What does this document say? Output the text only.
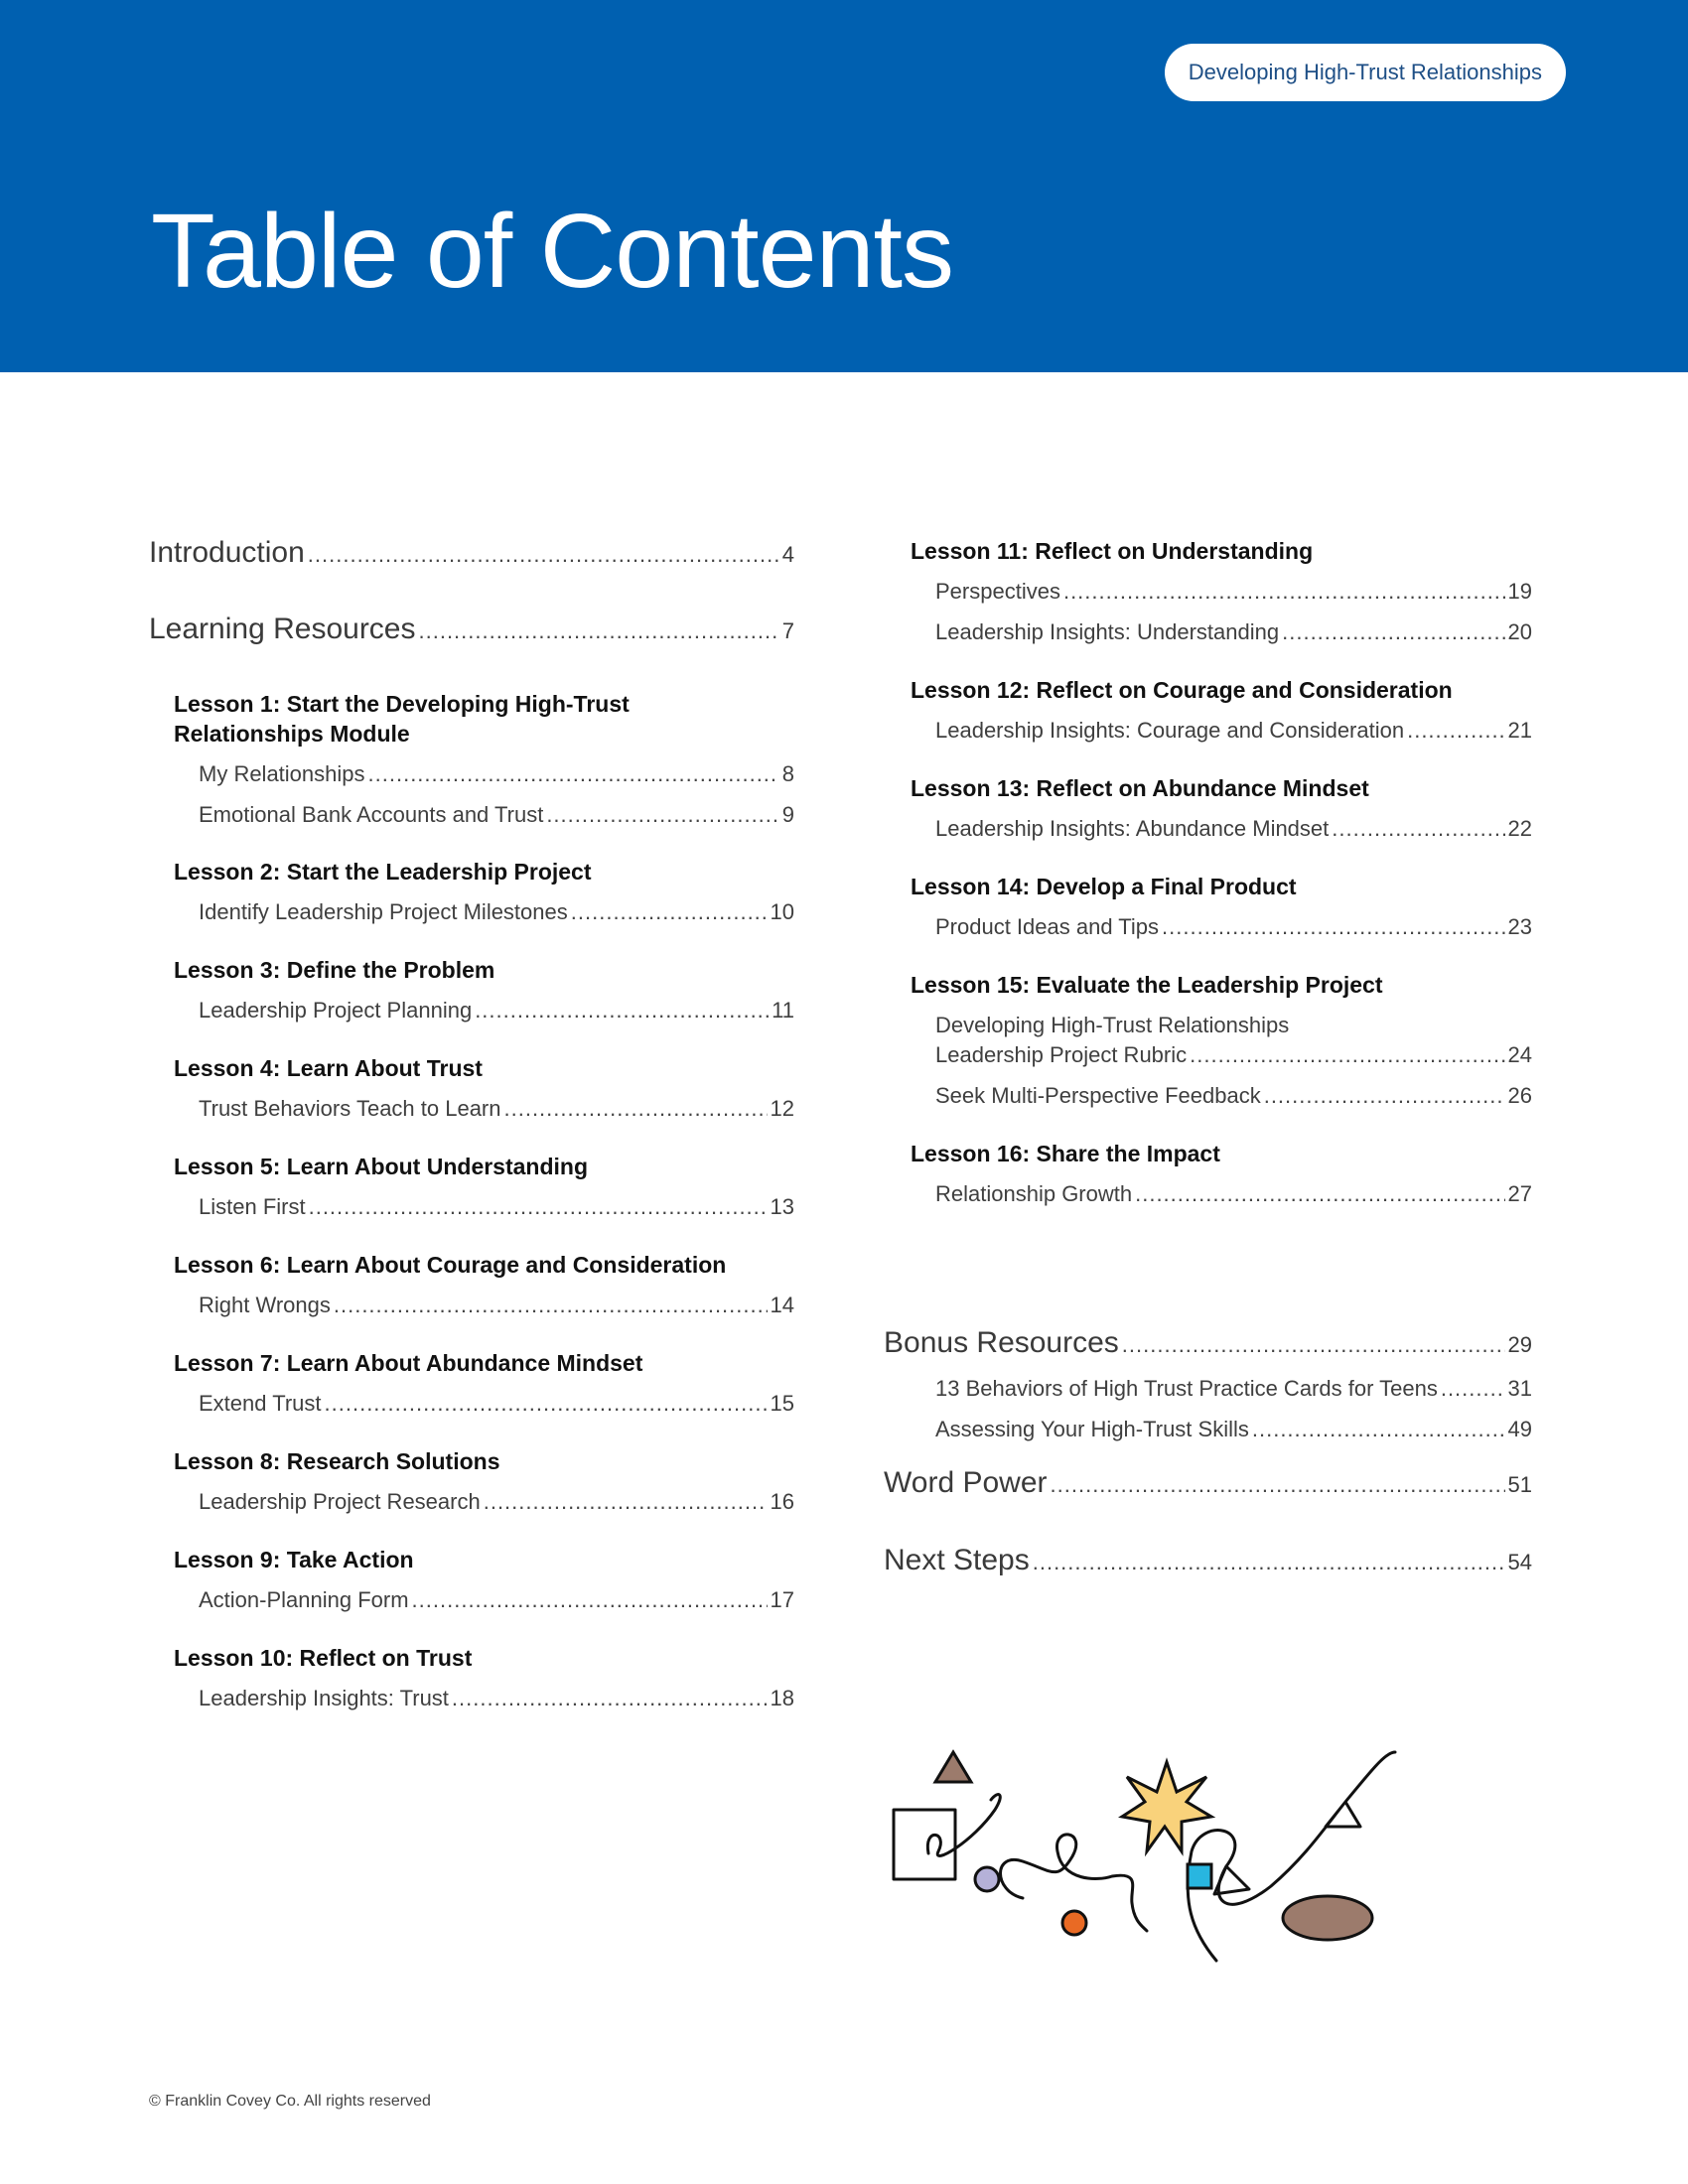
Developing High-Trust Relationships
Table of Contents
Introduction .....	4
Learning Resources .....	7
Lesson 1: Start the Developing High-Trust
Relationships Module
My Relationships .....	8
Emotional Bank Accounts and Trust .....	9
Lesson 2: Start the Leadership Project
Identify Leadership Project Milestones .....	10
Lesson 3: Define the Problem
Leadership Project Planning .....	11
Lesson 4: Learn About Trust
Trust Behaviors Teach to Learn .....	12
Lesson 5: Learn About Understanding
Listen First .....	13
Lesson 6: Learn About Courage and Consideration
Right Wrongs .....	14
Lesson 7: Learn About Abundance Mindset
Extend Trust .....	15
Lesson 8: Research Solutions
Leadership Project Research .....	16
Lesson 9: Take Action
Action-Planning Form .....	17
Lesson 10: Reflect on Trust
Leadership Insights: Trust .....	18
Lesson 11: Reflect on Understanding
Perspectives .....	19
Leadership Insights: Understanding .....	20
Lesson 12: Reflect on Courage and Consideration
Leadership Insights: Courage and Consideration .....	21
Lesson 13: Reflect on Abundance Mindset
Leadership Insights: Abundance Mindset .....	22
Lesson 14: Develop a Final Product
Product Ideas and Tips .....	23
Lesson 15: Evaluate the Leadership Project
Developing High-Trust Relationships
Leadership Project Rubric .....	24
Seek Multi-Perspective Feedback .....	26
Lesson 16: Share the Impact
Relationship Growth .....	27
Bonus Resources .....	29
13 Behaviors of High Trust Practice Cards for Teens .....	31
Assessing Your High-Trust Skills .....	49
Word Power .....	51
Next Steps .....	54
© Franklin Covey Co. All rights reserved
